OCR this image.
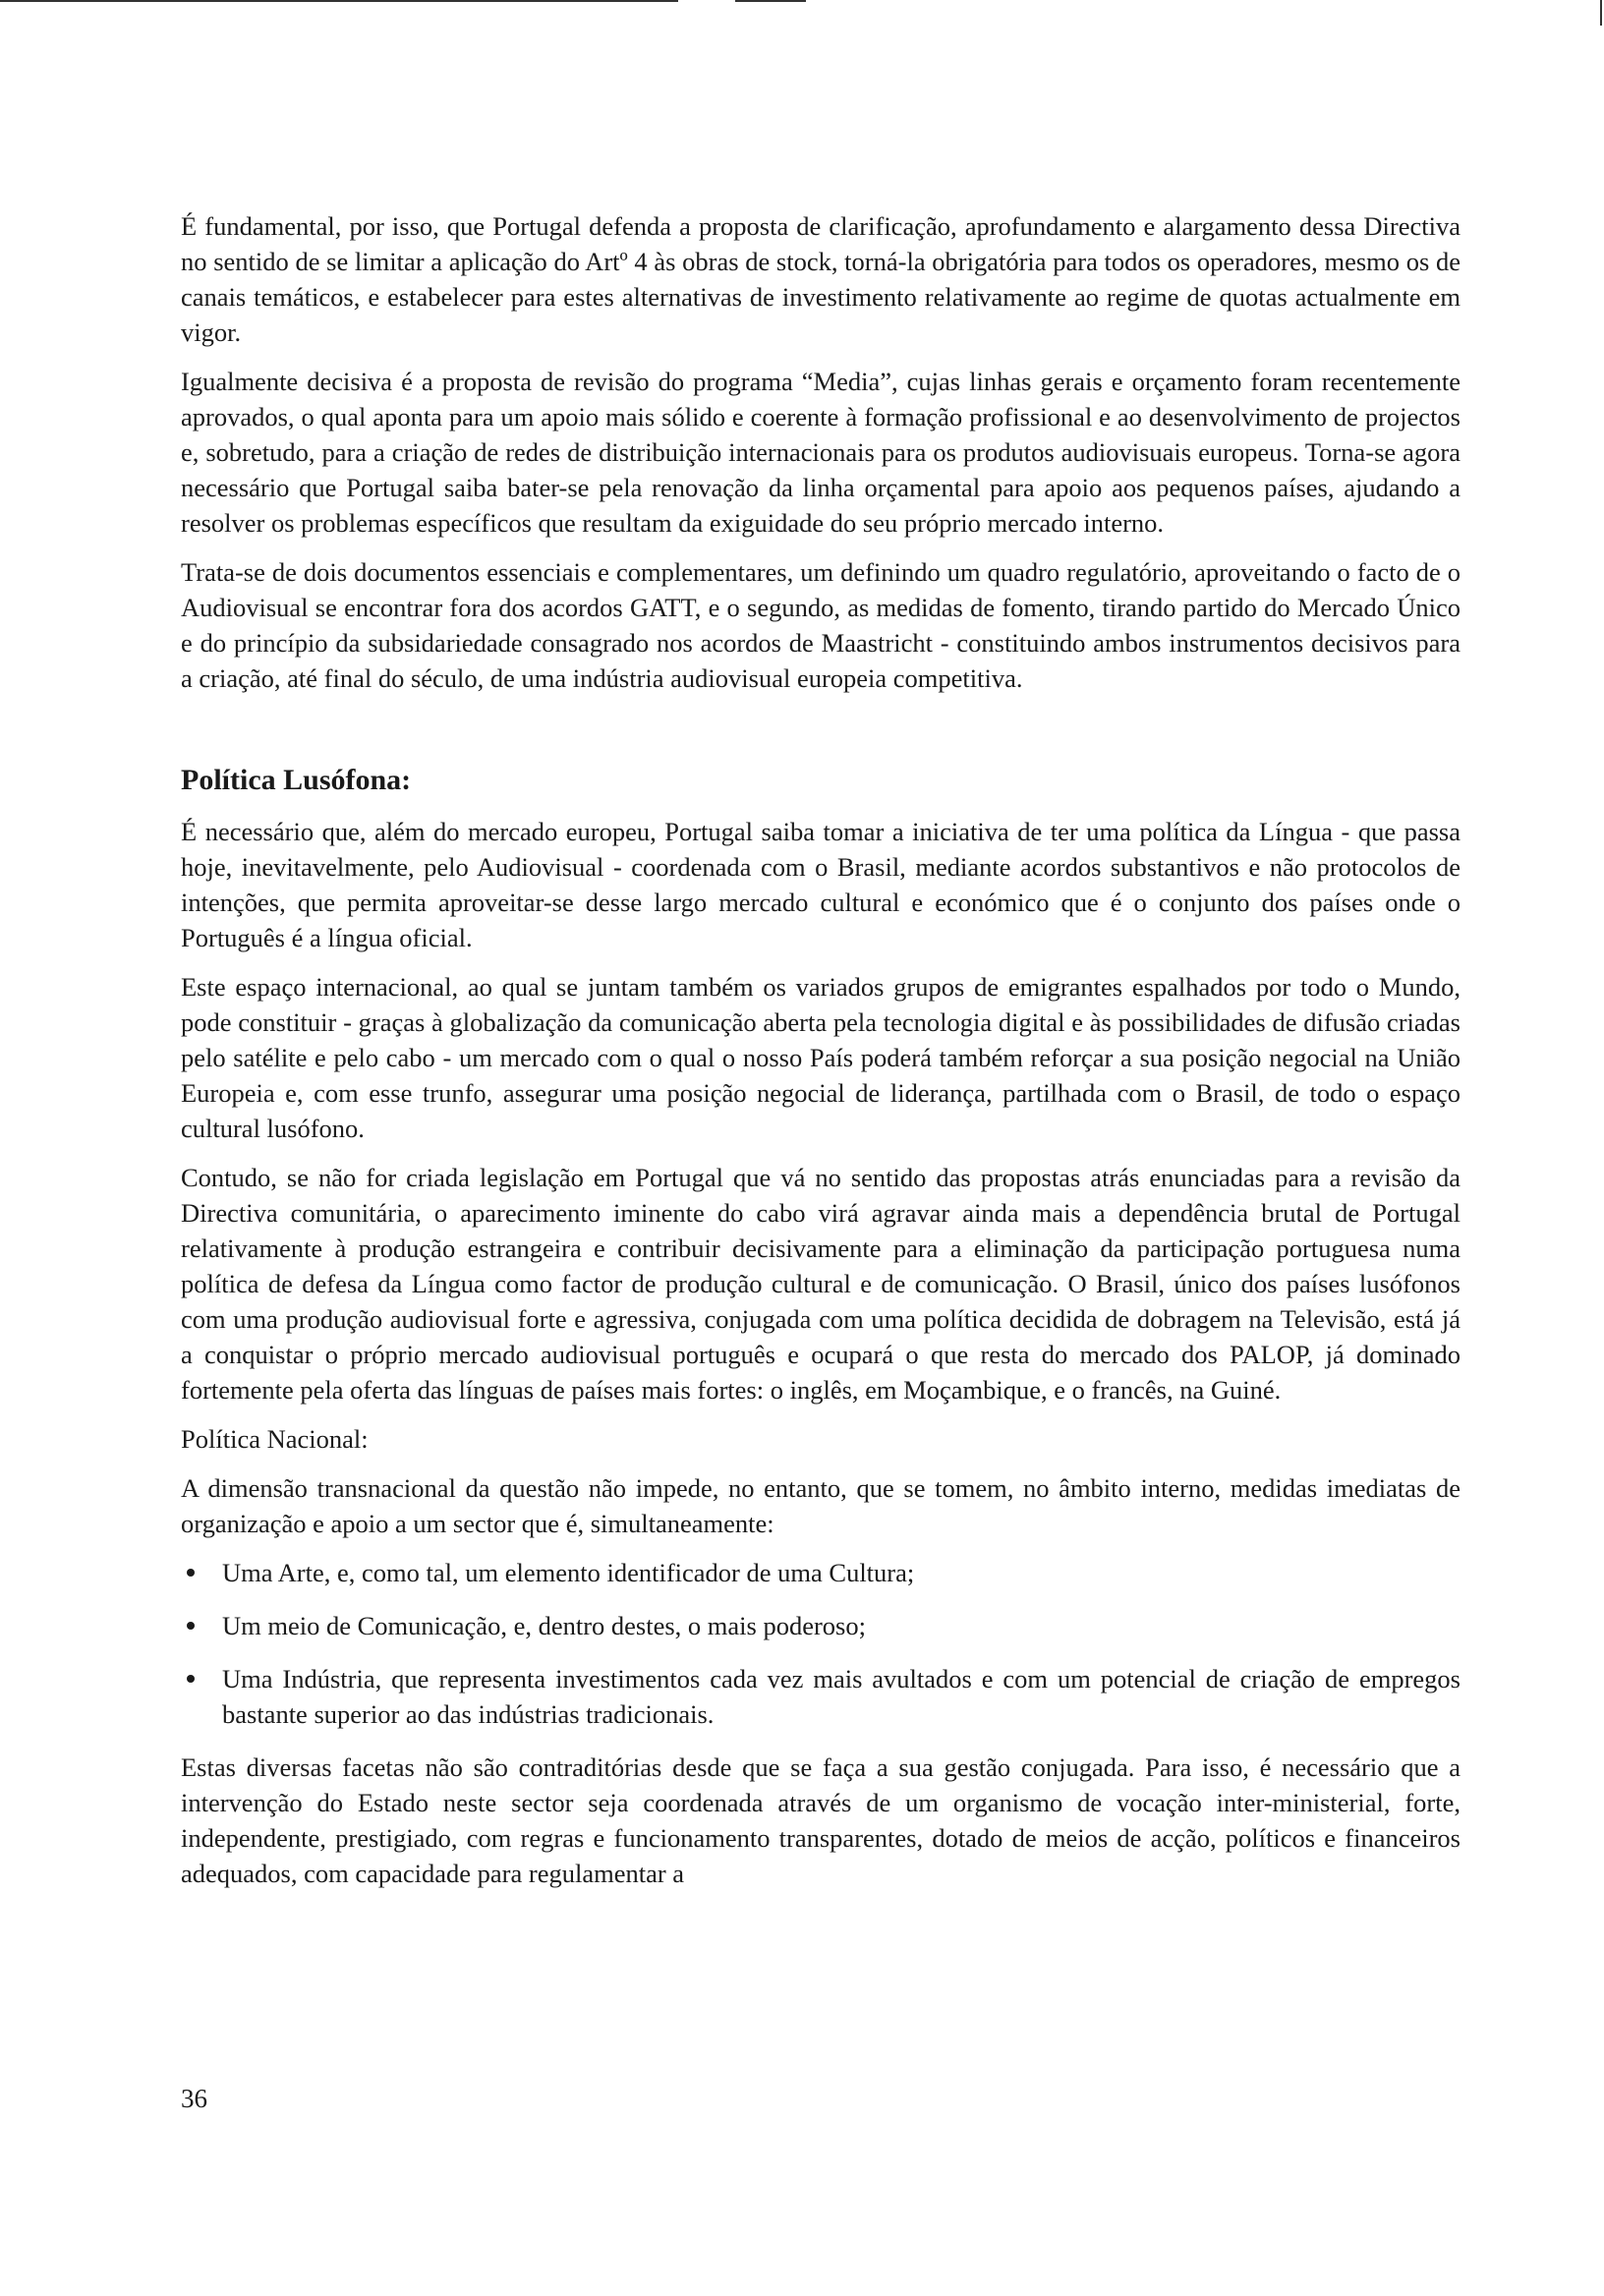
É fundamental, por isso, que Portugal defenda a proposta de clarificação, aprofundamento e alargamento dessa Directiva no sentido de se limitar a aplicação do Artº 4 às obras de stock, torná-la obrigatória para todos os operadores, mesmo os de canais temáticos, e estabelecer para estes alternativas de investimento relativamente ao regime de quotas actualmente em vigor.

Igualmente decisiva é a proposta de revisão do programa “Media”, cujas linhas gerais e orçamento foram recentemente aprovados, o qual aponta para um apoio mais sólido e coerente à formação profissional e ao desenvolvimento de projectos e, sobretudo, para a criação de redes de distribuição internacionais para os produtos audiovisuais europeus. Torna-se agora necessário que Portugal saiba bater-se pela renovação da linha orçamental para apoio aos pequenos países, ajudando a resolver os problemas específicos que resultam da exiguidade do seu próprio mercado interno.

Trata-se de dois documentos essenciais e complementares, um definindo um quadro regulatório, aproveitando o facto de o Audiovisual se encontrar fora dos acordos GATT, e o segundo, as medidas de fomento, tirando partido do Mercado Único e do princípio da subsidariedade consagrado nos acordos de Maastricht - constituindo ambos instrumentos decisivos para a criação, até final do século, de uma indústria audiovisual europeia competitiva.

Política Lusófona:

É necessário que, além do mercado europeu, Portugal saiba tomar a iniciativa de ter uma política da Língua - que passa hoje, inevitavelmente, pelo Audiovisual - coordenada com o Brasil, mediante acordos substantivos e não protocolos de intenções, que permita aproveitar-se desse largo mercado cultural e económico que é o conjunto dos países onde o Português é a língua oficial.

Este espaço internacional, ao qual se juntam também os variados grupos de emigrantes espalhados por todo o Mundo, pode constituir - graças à globalização da comunicação aberta pela tecnologia digital e às possibilidades de difusão criadas pelo satélite e pelo cabo - um mercado com o qual o nosso País poderá também reforçar a sua posição negocial na União Europeia e, com esse trunfo, assegurar uma posição negocial de liderança, partilhada com o Brasil, de todo o espaço cultural lusófono.

Contudo, se não for criada legislação em Portugal que vá no sentido das propostas atrás enunciadas para a revisão da Directiva comunitária, o aparecimento iminente do cabo virá agravar ainda mais a dependência brutal de Portugal relativamente à produção estrangeira e contribuir decisivamente para a eliminação da participação portuguesa numa política de defesa da Língua como factor de produção cultural e de comunicação. O Brasil, único dos países lusófonos com uma produção audiovisual forte e agressiva, conjugada com uma política decidida de dobragem na Televisão, está já a conquistar o próprio mercado audiovisual português e ocupará o que resta do mercado dos PALOP, já dominado fortemente pela oferta das línguas de países mais fortes: o inglês, em Moçambique, e o francês, na Guiné.

Política Nacional:

A dimensão transnacional da questão não impede, no entanto, que se tomem, no âmbito interno, medidas imediatas de organização e apoio a um sector que é, simultaneamente:

Uma Arte, e, como tal, um elemento identificador de uma Cultura;
Um meio de Comunicação, e, dentro destes, o mais poderoso;
Uma Indústria, que representa investimentos cada vez mais avultados e com um potencial de criação de empregos bastante superior ao das indústrias tradicionais.

Estas diversas facetas não são contraditórias desde que se faça a sua gestão conjugada. Para isso, é necessário que a intervenção do Estado neste sector seja coordenada através de um organismo de vocação inter-ministerial, forte, independente, prestigiado, com regras e funcionamento transparentes, dotado de meios de acção, políticos e financeiros adequados, com capacidade para regulamentar a

36
